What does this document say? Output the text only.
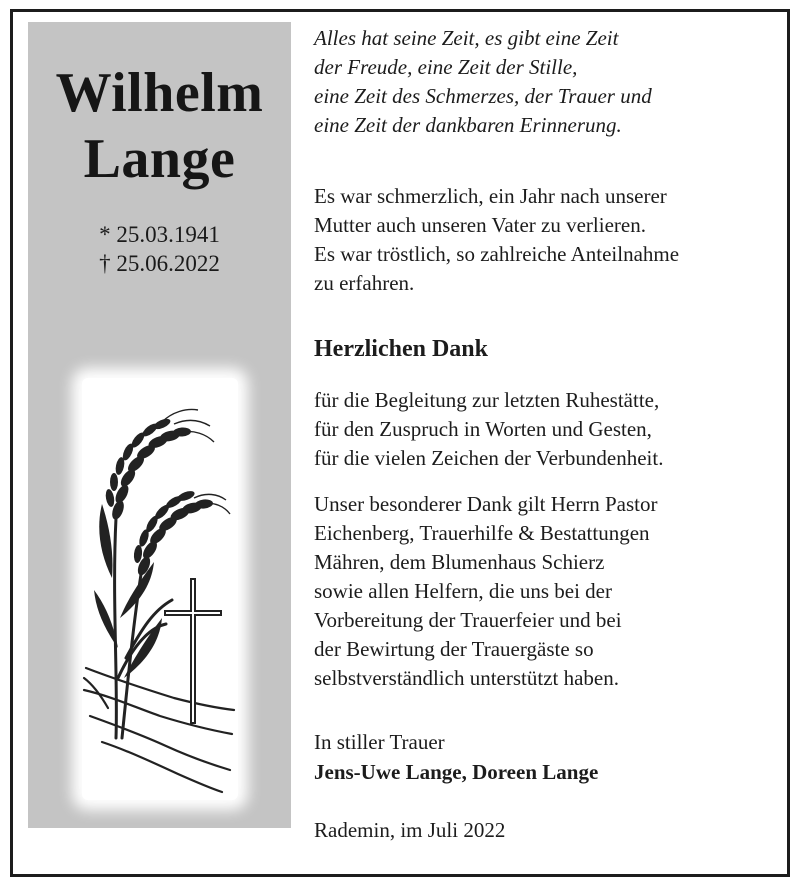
Wilhelm
Lange
* 25.03.1941
† 25.06.2022
Alles hat seine Zeit, es gibt eine Zeit
der Freude, eine Zeit der Stille,
eine Zeit des Schmerzes, der Trauer und
eine Zeit der dankbaren Erinnerung.
Es war schmerzlich, ein Jahr nach unserer
Mutter auch unseren Vater zu verlieren.
Es war tröstlich, so zahlreiche Anteilnahme
zu erfahren.
Herzlichen Dank
für die Begleitung zur letzten Ruhestätte,
für den Zuspruch in Worten und Gesten,
für die vielen Zeichen der Verbundenheit.
Unser besonderer Dank gilt Herrn Pastor
Eichenberg, Trauerhilfe & Bestattungen
Mähren, dem Blumenhaus Schierz
sowie allen Helfern, die uns bei der
Vorbereitung der Trauerfeier und bei
der Bewirtung der Trauergäste so
selbstverständlich unterstützt haben.
In stiller Trauer
Jens-Uwe Lange, Doreen Lange
Rademin, im Juli 2022
